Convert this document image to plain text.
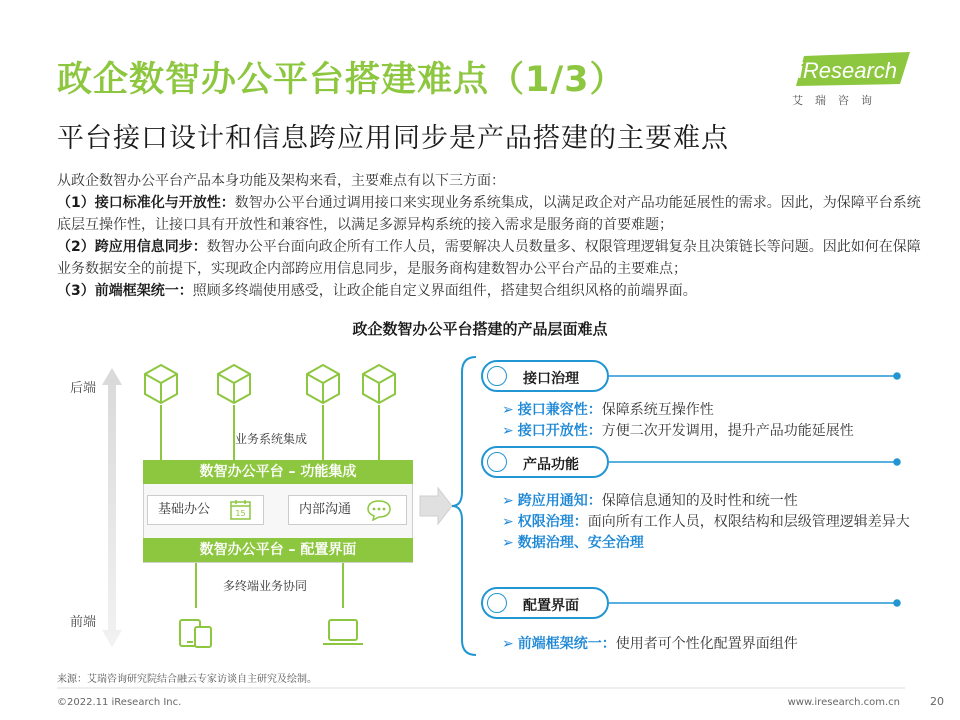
政企数智办公平台搭建难点（1/3）
平台接口设计和信息跨应用同步是产品搭建的主要难点
iResearch
艾瑞咨询

从政企数智办公平台产品本身功能及架构来看，主要难点有以下三方面：

（1）接口标准化与开放性：数智办公平台通过调用接口来实现业务系统集成，以满足政企对产品功能延展性的需求。因此，为保障平台系统底层互操作性，让接口具有开放性和兼容性，以满足多源异构系统的接入需求是服务商的首要难题；

（2）跨应用信息同步：数智办公平台面向政企所有工作人员，需要解决人员数量多、权限管理逻辑复杂且决策链长等问题。因此如何在保障业务数据安全的前提下，实现政企内部跨应用信息同步，是服务商构建数智办公平台产品的主要难点；

（3）前端框架统一：照顾多终端使用感受，让政企能自定义界面组件，搭建契合组织风格的前端界面。

政企数智办公平台搭建的产品层面难点
后端
前端
业务系统集成
数智办公平台 – 功能集成
基础办公	15	内部沟通
数智办公平台 – 配置界面
多终端业务协同
接口治理
➢ 接口兼容性：保障系统互操作性
➢ 接口开放性：方便二次开发调用，提升产品功能延展性
产品功能
➢ 跨应用通知：保障信息通知的及时性和统一性
➢ 权限治理：面向所有工作人员，权限结构和层级管理逻辑差异大
➢ 数据治理、安全治理
配置界面
➢ 前端框架统一：使用者可个性化配置界面组件
来源：艾瑞咨询研究院结合融云专家访谈自主研究及绘制。
©2022.11 iResearch Inc.	www.iresearch.com.cn	20
